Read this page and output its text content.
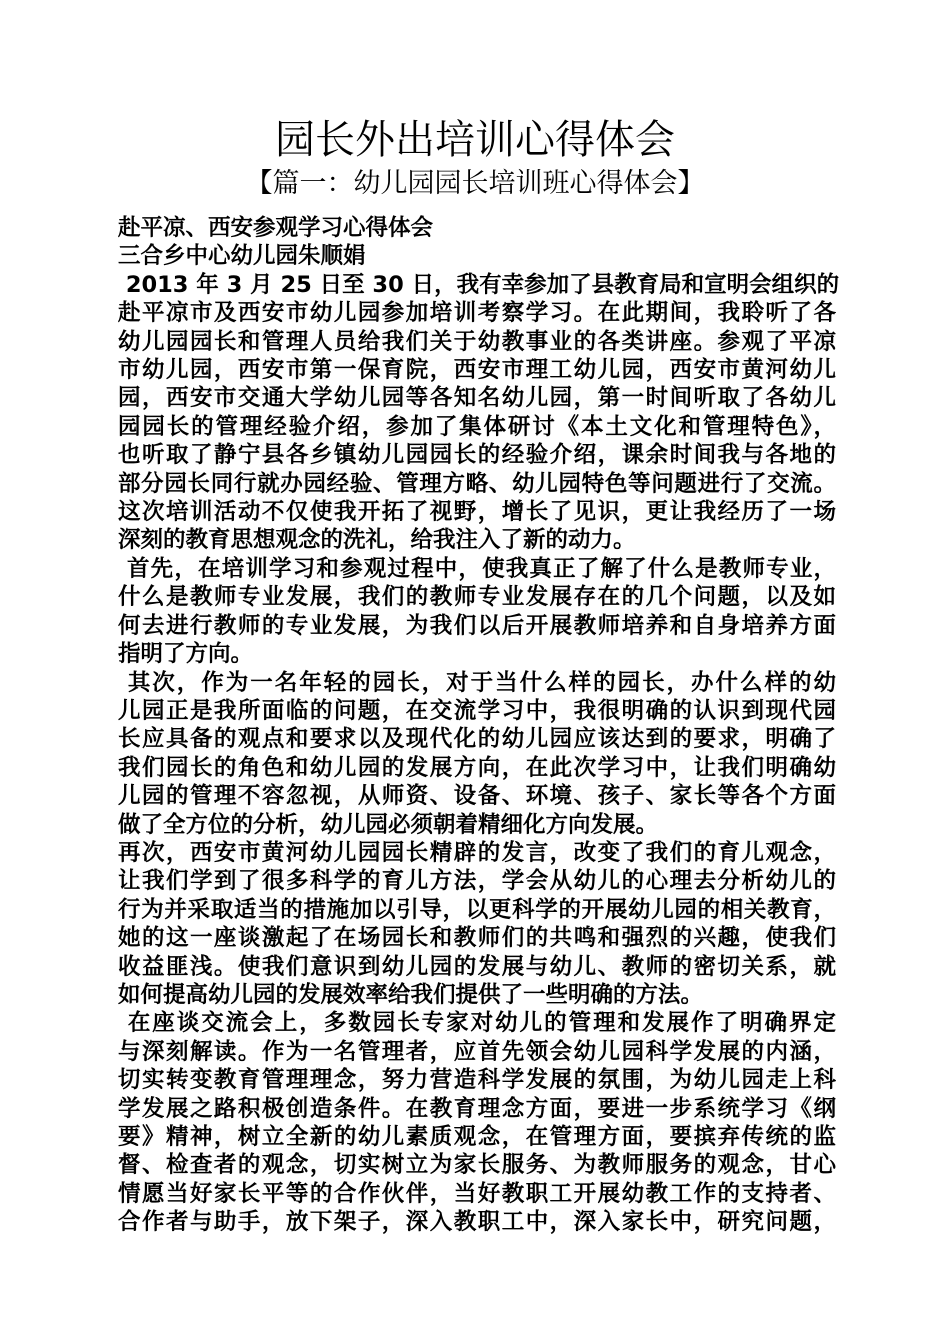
园长外出培训心得体会
【篇一：幼儿园园长培训班心得体会】
赴平凉、西安参观学习心得体会
三合乡中心幼儿园朱顺娟
2013 年 3 月 25 日至 30 日，我有幸参加了县教育局和宣明会组织的
赴平凉市及西安市幼儿园参加培训考察学习。在此期间，我聆听了各
幼儿园园长和管理人员给我们关于幼教事业的各类讲座。参观了平凉
市幼儿园，西安市第一保育院，西安市理工幼儿园，西安市黄河幼儿
园，西安市交通大学幼儿园等各知名幼儿园，第一时间听取了各幼儿
园园长的管理经验介绍，参加了集体研讨《本土文化和管理特色》，
也听取了静宁县各乡镇幼儿园园长的经验介绍，课余时间我与各地的
部分园长同行就办园经验、管理方略、幼儿园特色等问题进行了交流。
这次培训活动不仅使我开拓了视野，增长了见识，更让我经历了一场
深刻的教育思想观念的洗礼，给我注入了新的动力。
首先，在培训学习和参观过程中，使我真正了解了什么是教师专业，
什么是教师专业发展，我们的教师专业发展存在的几个问题，以及如
何去进行教师的专业发展，为我们以后开展教师培养和自身培养方面
指明了方向。
其次，作为一名年轻的园长，对于当什么样的园长，办什么样的幼
儿园正是我所面临的问题，在交流学习中，我很明确的认识到现代园
长应具备的观点和要求以及现代化的幼儿园应该达到的要求，明确了
我们园长的角色和幼儿园的发展方向，在此次学习中，让我们明确幼
儿园的管理不容忽视，从师资、设备、环境、孩子、家长等各个方面
做了全方位的分析，幼儿园必须朝着精细化方向发展。
再次，西安市黄河幼儿园园长精辟的发言，改变了我们的育儿观念，
让我们学到了很多科学的育儿方法，学会从幼儿的心理去分析幼儿的
行为并采取适当的措施加以引导，以更科学的开展幼儿园的相关教育，
她的这一座谈激起了在场园长和教师们的共鸣和强烈的兴趣，使我们
收益匪浅。使我们意识到幼儿园的发展与幼儿、教师的密切关系，就
如何提高幼儿园的发展效率给我们提供了一些明确的方法。
在座谈交流会上，多数园长专家对幼儿的管理和发展作了明确界定
与深刻解读。作为一名管理者，应首先领会幼儿园科学发展的内涵，
切实转变教育管理理念，努力营造科学发展的氛围，为幼儿园走上科
学发展之路积极创造条件。在教育理念方面，要进一步系统学习《纲
要》精神，树立全新的幼儿素质观念，在管理方面，要摈弃传统的监
督、检查者的观念，切实树立为家长服务、为教师服务的观念，甘心
情愿当好家长平等的合作伙伴，当好教职工开展幼教工作的支持者、
合作者与助手，放下架子，深入教职工中，深入家长中，研究问题，
